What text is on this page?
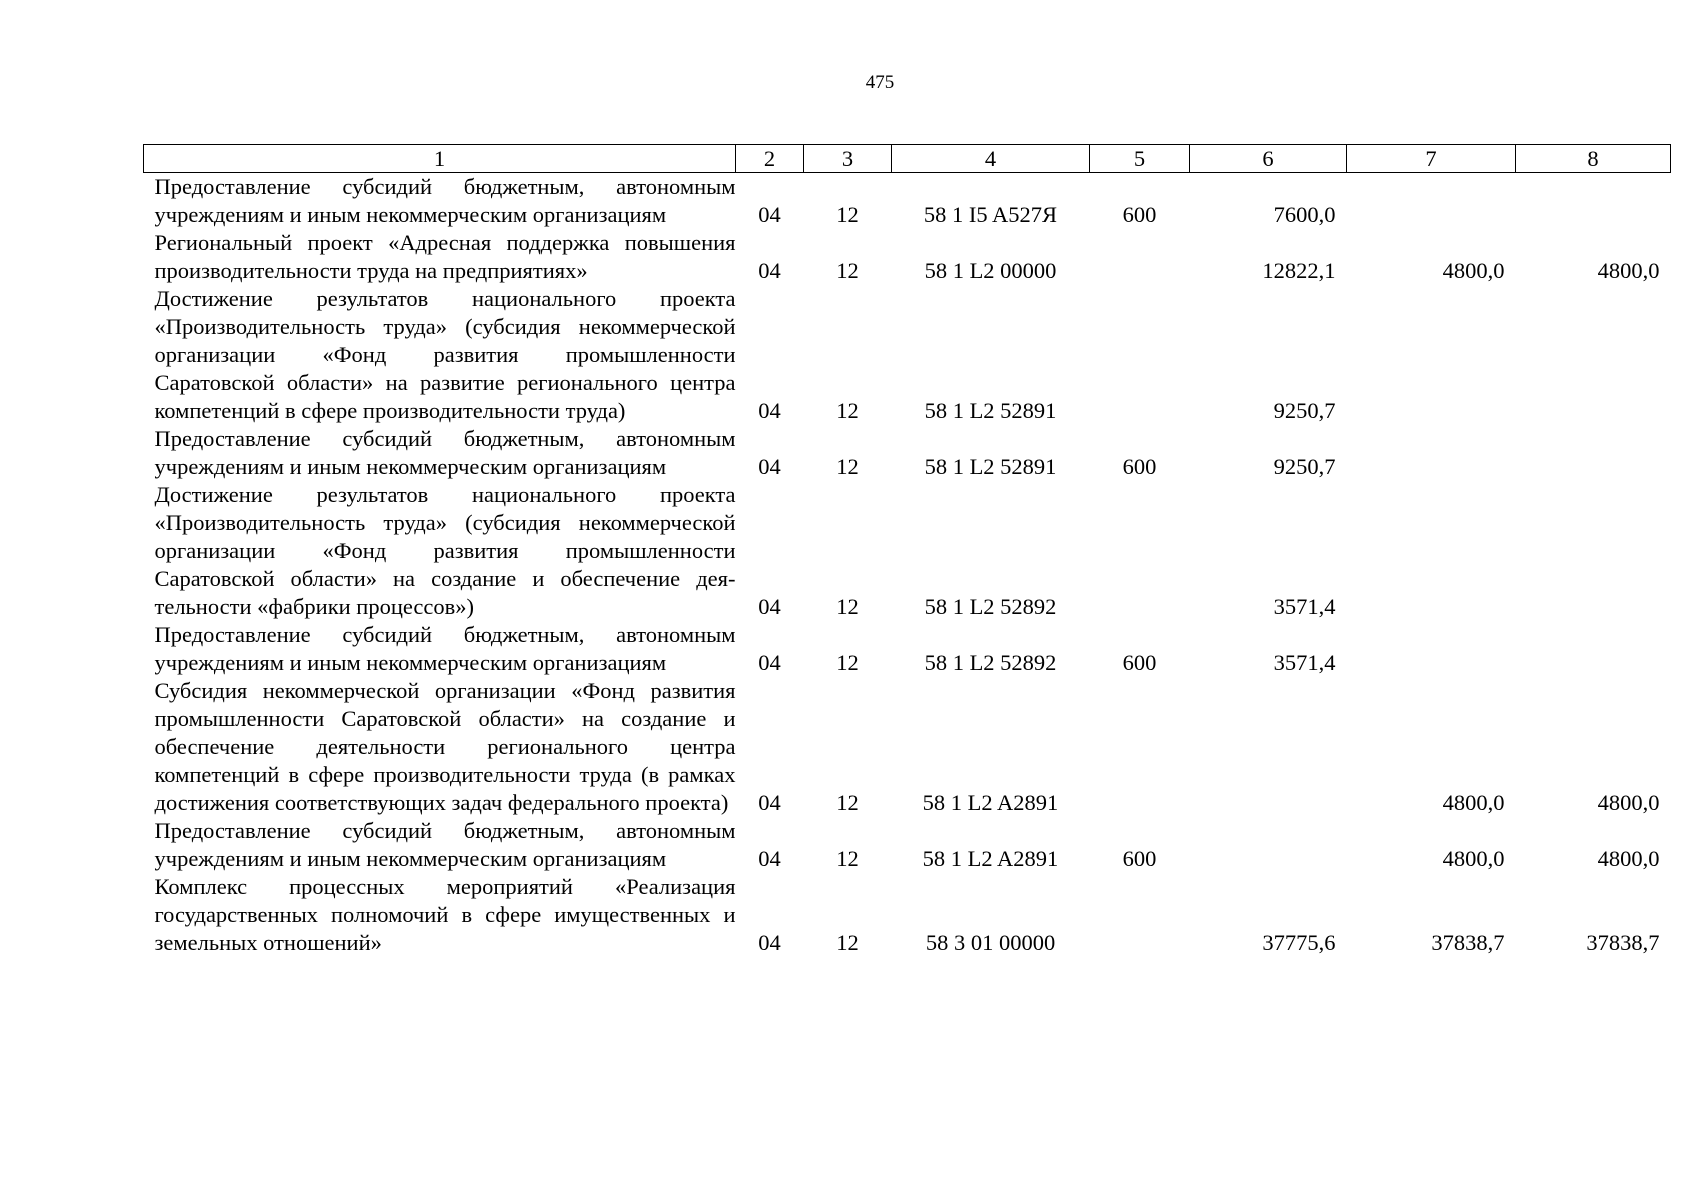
475
1	2	3	4	5	6	7	8
Предоставление субсидий бюджетным, автономным учреждениям и иным некоммерческим организациям	04	12	58 1 I5 A527Я	600	7600,0		
Региональный проект «Адресная поддержка повышения производительности труда на предприятиях»	04	12	58 1 L2 00000		12822,1	4800,0	4800,0
Достижение результатов национального проекта «Производительность труда» (субсидия некоммерческой организации «Фонд развития промышленности Саратовской области» на развитие регионального центра компетенций в сфере производительности труда)	04	12	58 1 L2 52891		9250,7		
Предоставление субсидий бюджетным, автономным учреждениям и иным некоммерческим организациям	04	12	58 1 L2 52891	600	9250,7		
Достижение результатов национального проекта «Производительность труда» (субсидия некоммерческой организации «Фонд развития промышленности Саратовской области» на создание и обеспечение деятельности «фабрики процессов»)	04	12	58 1 L2 52892		3571,4		
Предоставление субсидий бюджетным, автономным учреждениям и иным некоммерческим организациям	04	12	58 1 L2 52892	600	3571,4		
Субсидия некоммерческой организации «Фонд развития промышленности Саратовской области» на создание и обеспечение деятельности регионального центра компетенций в сфере производительности труда (в рамках достижения соответствующих задач федерального проекта)	04	12	58 1 L2 A2891			4800,0	4800,0
Предоставление субсидий бюджетным, автономным учреждениям и иным некоммерческим организациям	04	12	58 1 L2 A2891	600		4800,0	4800,0
Комплекс процессных мероприятий «Реализация государственных полномочий в сфере имущественных и земельных отношений»	04	12	58 3 01 00000		37775,6	37838,7	37838,7
